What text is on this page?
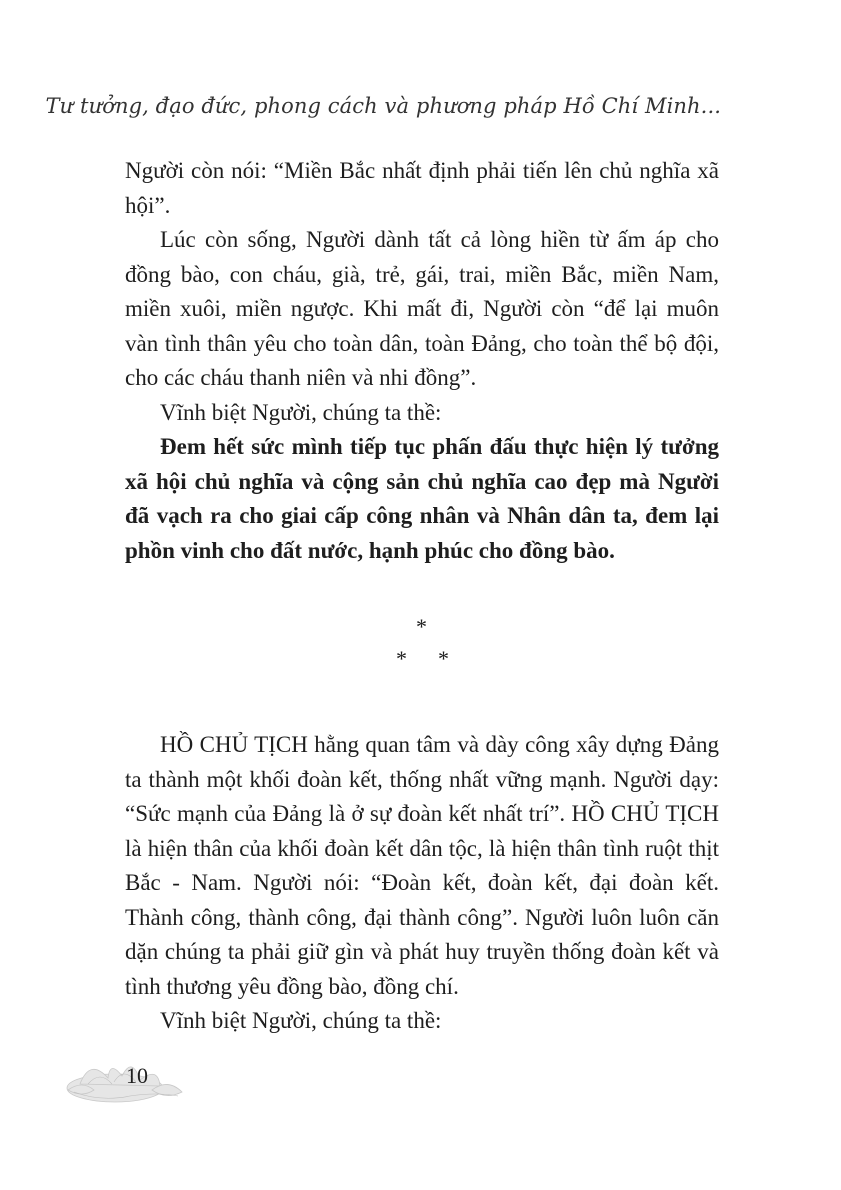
Tư tưởng, đạo đức, phong cách và phương pháp Hồ Chí Minh...

Người còn nói: “Miền Bắc nhất định phải tiến lên chủ nghĩa xã hội”.

Lúc còn sống, Người dành tất cả lòng hiền từ ấm áp cho đồng bào, con cháu, già, trẻ, gái, trai, miền Bắc, miền Nam, miền xuôi, miền ngược. Khi mất đi, Người còn “để lại muôn vàn tình thân yêu cho toàn dân, toàn Đảng, cho toàn thể bộ đội, cho các cháu thanh niên và nhi đồng”.

Vĩnh biệt Người, chúng ta thề:

Đem hết sức mình tiếp tục phấn đấu thực hiện lý tưởng xã hội chủ nghĩa và cộng sản chủ nghĩa cao đẹp mà Người đã vạch ra cho giai cấp công nhân và Nhân dân ta, đem lại phồn vinh cho đất nước, hạnh phúc cho đồng bào.

*
* *

HỒ CHỦ TỊCH hằng quan tâm và dày công xây dựng Đảng ta thành một khối đoàn kết, thống nhất vững mạnh. Người dạy: “Sức mạnh của Đảng là ở sự đoàn kết nhất trí”. HỒ CHỦ TỊCH là hiện thân của khối đoàn kết dân tộc, là hiện thân tình ruột thịt Bắc - Nam. Người nói: “Đoàn kết, đoàn kết, đại đoàn kết. Thành công, thành công, đại thành công”. Người luôn luôn căn dặn chúng ta phải giữ gìn và phát huy truyền thống đoàn kết và tình thương yêu đồng bào, đồng chí.

Vĩnh biệt Người, chúng ta thề:

10
